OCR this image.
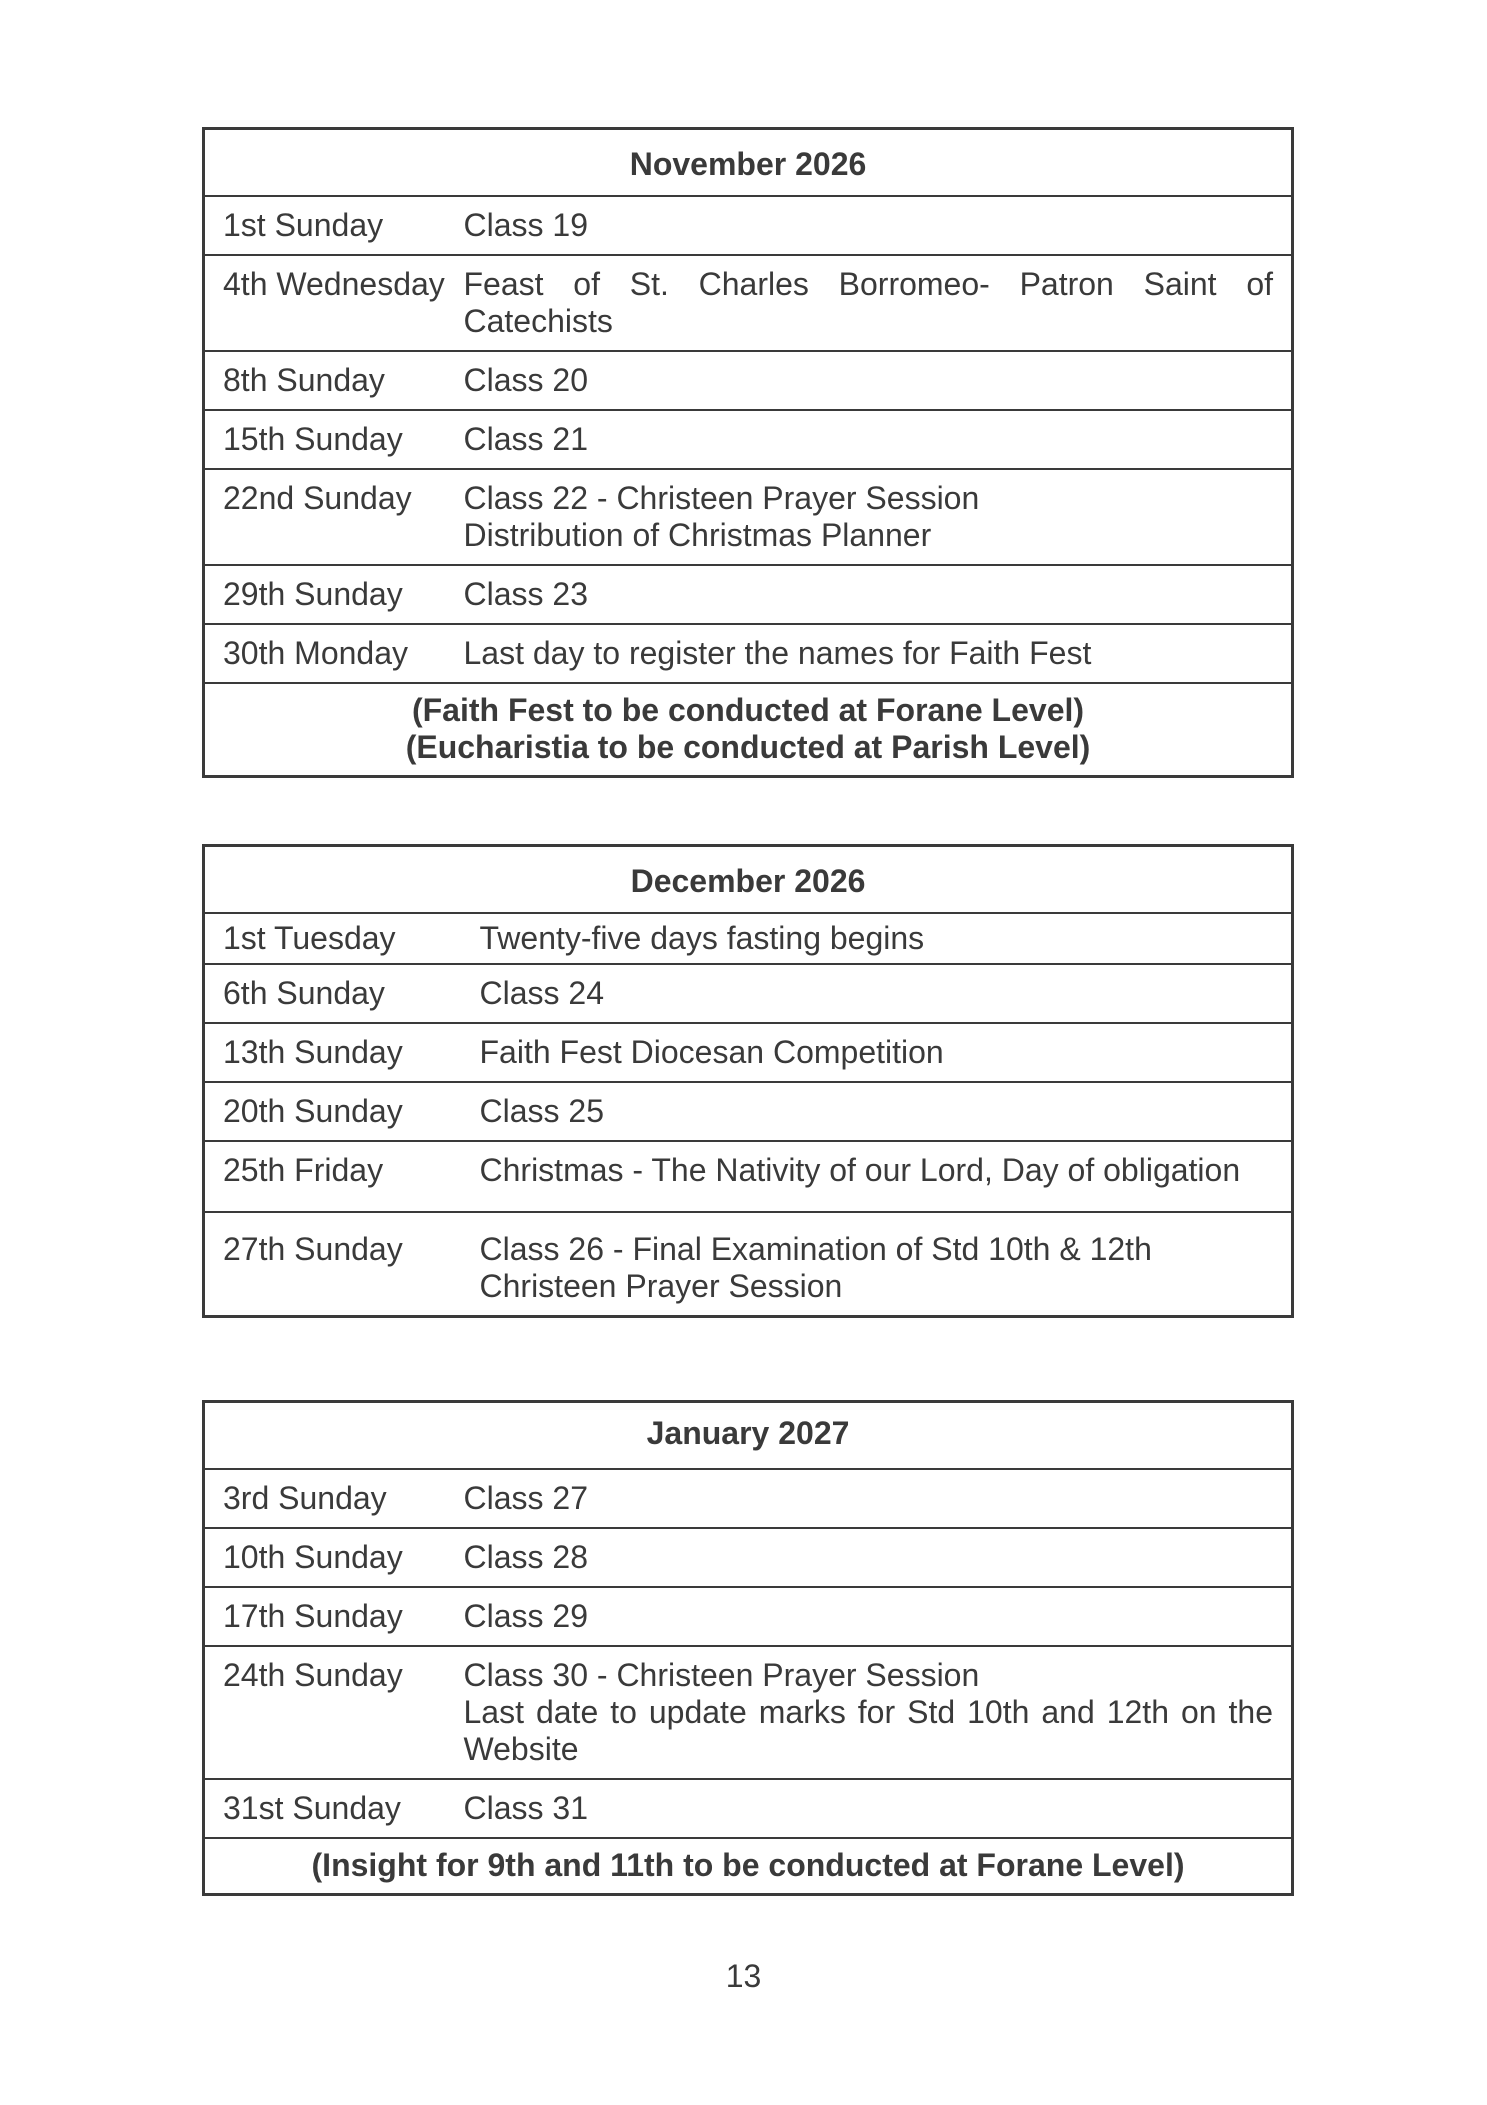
November 2026	
1st Sunday	Class 19

4th Wednesday	Feast of St. Charles Borromeo- Patron Saint of Catechists

8th Sunday	Class 20

15th Sunday	Class 21

22nd Sunday	Class 22 - Christeen Prayer Session
Distribution of Christmas Planner

29th Sunday	Class 23

30th Monday	Last day to register the names for Faith Fest

(Faith Fest to be conducted at Forane Level)
(Eucharistia to be conducted at Parish Level)	
December 2026	
1st Tuesday	Twenty-five days fasting begins

6th Sunday	Class 24

13th Sunday	Faith Fest Diocesan Competition

20th Sunday	Class 25

25th Friday	Christmas - The Nativity of our Lord, Day of obligation

27th Sunday	Class 26 - Final Examination of Std 10th & 12th
Christeen Prayer Session
January 2027	
3rd Sunday	Class 27

10th Sunday	Class 28

17th Sunday	Class 29

24th Sunday	Class 30 - Christeen Prayer Session
Last date to update marks for Std 10th and 12th on the Website

31st Sunday	Class 31

(Insight for 9th and 11th to be conducted at Forane Level)	
13
